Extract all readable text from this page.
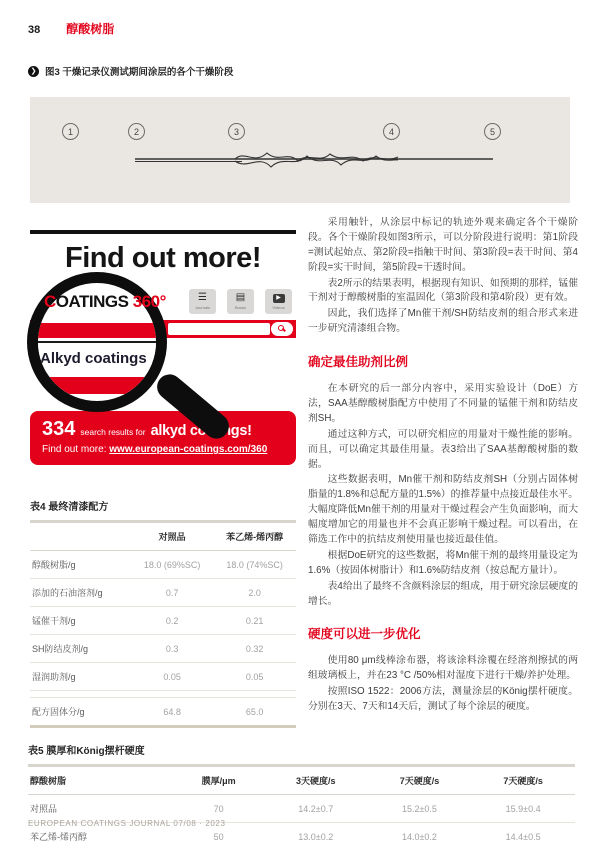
38 醇酸树脂
❯ 图3 干燥记录仪测试期间涂层的各个干燥阶段
1	2	3	4	5
Find out more!
COATINGS 360°	☰
Journals
▤
Books
▶
Videos
Alkyd coatings
334 search results for alkyd coatings!
Find out more: www.european-coatings.com/360

采用触针，从涂层中标记的轨迹外观来确定各个干燥阶段。各个干燥阶段如图3所示，可以分阶段进行说明：第1阶段=测试起始点、第2阶段=指触干时间、第3阶段=表干时间、第4阶段=实干时间，第5阶段=干透时间。

表2所示的结果表明，根据现有知识、如预期的那样，锰催干剂对于醇酸树脂的室温固化（第3阶段和第4阶段）更有效。

因此，我们选择了Mn催干剂/SH防结皮剂的组合形式来进一步研究清漆组合物。

确定最佳助剂比例

在本研究的后一部分内容中，采用实验设计（DoE）方法，SAA基醇酸树脂配方中使用了不同量的锰催干剂和防结皮剂SH。

通过这种方式，可以研究相应的用量对干燥性能的影响。而且，可以确定其最佳用量。表3给出了SAA基醇酸树脂的数据。

这些数据表明，Mn催干剂和防结皮剂SH（分别占固体树脂量的1.8%和总配方量的1.5%）的推荐量中点接近最佳水平。大幅度降低Mn催干剂的用量对干燥过程会产生负面影响，而大幅度增加它的用量也并不会真正影响干燥过程。可以看出，在筛选工作中的抗结皮剂使用量也接近最佳值。

根据DoE研究的这些数据，将Mn催干剂的最终用量设定为1.6%（按固体树脂计）和1.6%防结皮剂（按总配方量计）。

表4给出了最终不含颜料涂层的组成，用于研究涂层硬度的增长。

硬度可以进一步优化

使用80 μm线棒涂布器，将该涂料涂覆在经溶剂擦拭的两组玻璃板上，并在23 °C /50%相对湿度下进行干燥/养护处理。

按照ISO 1522：2006方法，测量涂层的König摆杆硬度。分别在3天、7天和14天后，测试了每个涂层的硬度。

表4 最终清漆配方
	对照品	苯乙烯-烯丙醇
醇酸树脂/g	18.0 (69%SC)	18.0 (74%SC)
添加的石油溶剂/g	0.7	2.0
锰催干剂/g	0.2	0.21
SH防结皮剂/g	0.3	0.32
湿润助剂/g	0.05	0.05

配方固体分/g	64.8	65.0
表5 膜厚和König摆杆硬度
醇酸树脂	膜厚/μm	3天硬度/s	7天硬度/s	7天硬度/s
对照品	70	14.2±0.7	15.2±0.5	15.9±0.4
苯乙烯-烯丙醇	50	13.0±0.2	14.0±0.2	14.4±0.5
EUROPEAN COATINGS JOURNAL 07/08 · 2023
